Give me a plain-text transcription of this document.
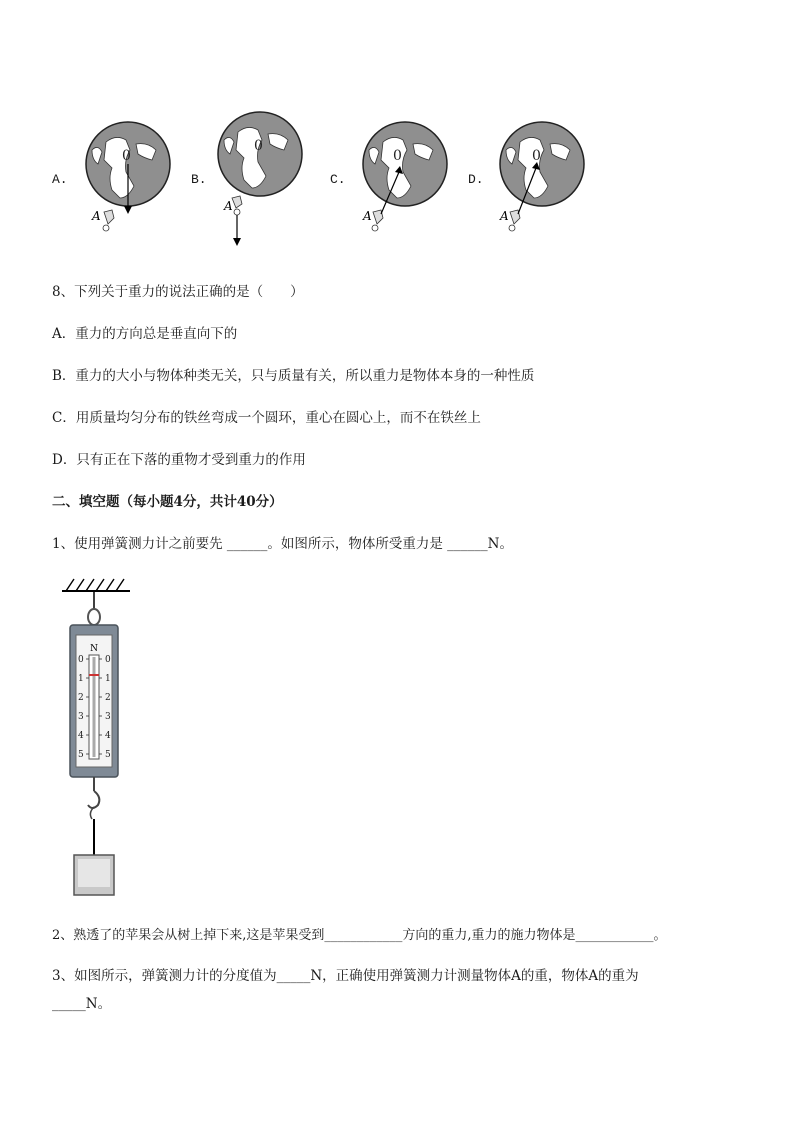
A.	B.	C.	D.
0
A
0
A
0
A
0
A
8、下列关于重力的说法正确的是（　　）
A．重力的方向总是垂直向下的
B．重力的大小与物体种类无关，只与质量有关，所以重力是物体本身的一种性质
C．用质量均匀分布的铁丝弯成一个圆环，重心在圆心上，而不在铁丝上
D．只有正在下落的重物才受到重力的作用
二、填空题（每小题4分，共计40分）
1、使用弹簧测力计之前要先 ______。如图所示，物体所受重力是 ______N。
N
0
1
2
3
4
5
0
1
2
3
4
5
2、熟透了的苹果会从树上掉下来,这是苹果受到____________方向的重力,重力的施力物体是____________。
3、如图所示，弹簧测力计的分度值为_____N，正确使用弹簧测力计测量物体A的重，物体A的重为
_____N。
